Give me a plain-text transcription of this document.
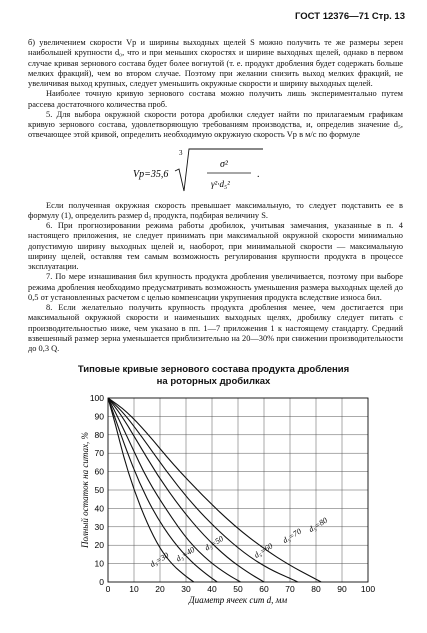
ГОСТ 12376—71 Стр. 13

б) увеличением скорости Vр и ширины выходных щелей S можно получить те же размеры зерен наибольшей крупности d₀, что и при меньших скоростях и ширине выходных щелей, однако в первом случае кривая зернового состава будет более вогнутой (т. е. продукт дробления будет содержать больше мелких фракций), чем во втором случае. Поэтому при желании снизить выход мелких фракций, не увеличивая выход крупных, следует уменьшить окружные скорости и ширину выходных щелей.

Наиболее точную кривую зернового состава можно получить лишь экспериментально путем рассева достаточного количества проб.

5. Для выбора окружной скорости ротора дробилки следует найти по прилагаемым графикам кривую зернового состава, удовлетворяющую требованиям производства, и, определив значение d₅, отвечающее этой кривой, определить необходимую окружную скорость Vр в м/с по формуле

Vр=35,6
3
σ²
γ²·d₅²
.

Если полученная окружная скорость превышает максимальную, то следует подставить ее в формулу (1), определить размер d₅ продукта, подбирая величину S.

6. При прогнозировании режима работы дробилок, учитывая замечания, указанные в п. 4 настоящего приложения, не следует принимать при максимальной окружной скорости минимально допустимую ширину выходных щелей и, наоборот, при минимальной скорости — максимальную ширину щелей, оставляя тем самым возможность регулирования крупности продукта в процессе эксплуатации.

7. По мере изнашивания бил крупность продукта дробления увеличивается, поэтому при выборе режима дробления необходимо предусматривать возможность уменьшения размера выходных щелей до 0,5 от установленных расчетом с целью компенсации укрупнения продукта вследствие износа бил.

8. Если желательно получить крупность продукта дробления менее, чем достигается при максимальной окружной скорости и наименьших выходных щелях, дробилку следует питать с производительностью ниже, чем указано в пп. 1—7 приложения 1 к настоящему стандарту. Средний взвешенный размер зерна уменьшается приблизительно на 20—30% при снижении производительности до 0,3 Q.

Типовые кривые зернового состава продукта дробления
на роторных дробилках
0 10 20 30 40 50 60 70 80 90 100
10
20
30
40
50
60
70
80
90
100
0
Диаметр ячеек сит d, мм
Полный остаток на ситах, %
d₅=30 d₅=40
d₅=50	d₅=60
d₅=70
d₅=80
